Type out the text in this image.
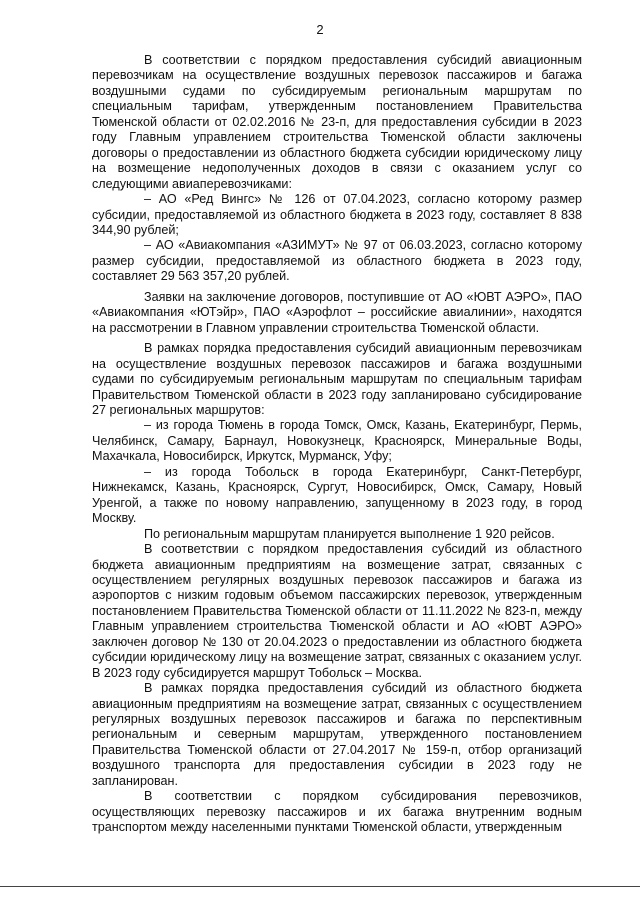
2

В соответствии с порядком предоставления субсидий авиационным перевозчикам на осуществление воздушных перевозок пассажиров и багажа воздушными судами по субсидируемым региональным маршрутам по специальным тарифам, утвержденным постановлением Правительства Тюменской области от 02.02.2016 № 23-п, для предоставления субсидии в 2023 году Главным управлением строительства Тюменской области заключены договоры о предоставлении из областного бюджета субсидии юридическому лицу на возмещение недополученных доходов в связи с оказанием услуг со следующими авиаперевозчиками:

– АО «Ред Вингс» № 126 от 07.04.2023, согласно которому размер субсидии, предоставляемой из областного бюджета в 2023 году, составляет 8 838 344,90 рублей;

– АО «Авиакомпания «АЗИМУТ» № 97 от 06.03.2023, согласно которому размер субсидии, предоставляемой из областного бюджета в 2023 году, составляет 29 563 357,20 рублей.

Заявки на заключение договоров, поступившие от АО «ЮВТ АЭРО», ПАО «Авиакомпания «ЮТэйр», ПАО «Аэрофлот – российские авиалинии», находятся на рассмотрении в Главном управлении строительства Тюменской области.

В рамках порядка предоставления субсидий авиационным перевозчикам на осуществление воздушных перевозок пассажиров и багажа воздушными судами по субсидируемым региональным маршрутам по специальным тарифам Правительством Тюменской области в 2023 году запланировано субсидирование 27 региональных маршрутов:

– из города Тюмень в города Томск, Омск, Казань, Екатеринбург, Пермь, Челябинск, Самару, Барнаул, Новокузнецк, Красноярск, Минеральные Воды, Махачкала, Новосибирск, Иркутск, Мурманск, Уфу;

– из города Тобольск в города Екатеринбург, Санкт-Петербург, Нижнекамск, Казань, Красноярск, Сургут, Новосибирск, Омск, Самару, Новый Уренгой, а также по новому направлению, запущенному в 2023 году, в город Москву.

По региональным маршрутам планируется выполнение 1 920 рейсов.

В соответствии с порядком предоставления субсидий из областного бюджета авиационным предприятиям на возмещение затрат, связанных с осуществлением регулярных воздушных перевозок пассажиров и багажа из аэропортов с низким годовым объемом пассажирских перевозок, утвержденным постановлением Правительства Тюменской области от 11.11.2022 № 823-п, между Главным управлением строительства Тюменской области и АО «ЮВТ АЭРО» заключен договор № 130 от 20.04.2023 о предоставлении из областного бюджета субсидии юридическому лицу на возмещение затрат, связанных с оказанием услуг. В 2023 году субсидируется маршрут Тобольск – Москва.

В рамках порядка предоставления субсидий из областного бюджета авиационным предприятиям на возмещение затрат, связанных с осуществлением регулярных воздушных перевозок пассажиров и багажа по перспективным региональным и северным маршрутам, утвержденного постановлением Правительства Тюменской области от 27.04.2017 № 159-п, отбор организаций воздушного транспорта для предоставления субсидии в 2023 году не запланирован.

В соответствии с порядком субсидирования перевозчиков, осуществляющих перевозку пассажиров и их багажа внутренним водным транспортом между населенными пунктами Тюменской области, утвержденным
